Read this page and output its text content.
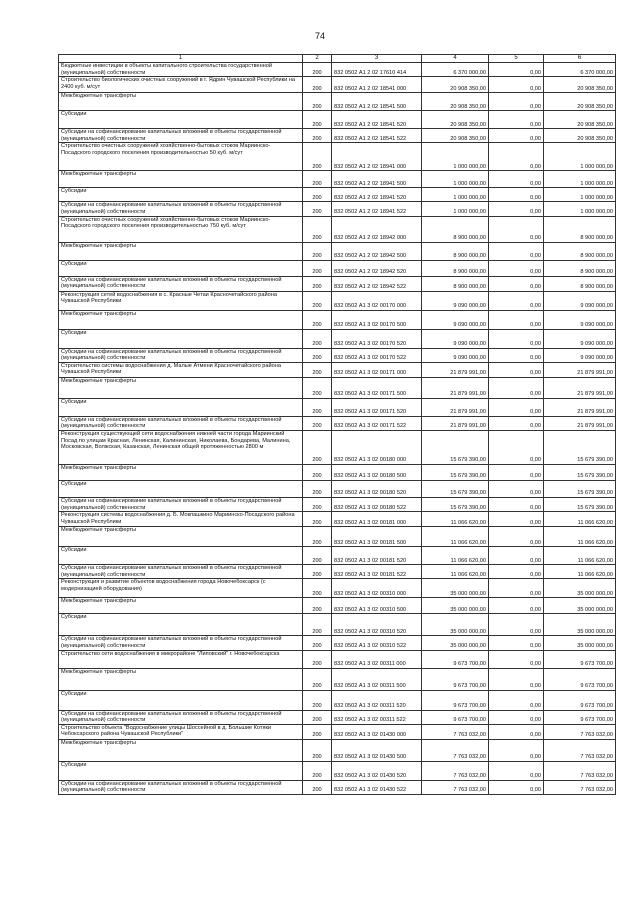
74
1	2	3	4	5	6
Бюджетные инвестиции в объекты капитального строительства государственной (муниципальной) собственности	200	832 0502 А1 2 02 17610 414	6 370 000,00	0,00	6 370 000,00
Строительство биологических очистных сооружений в г. Ядрин Чувашской Республики на 2400 куб. м/сут	200	832 0502 А1 2 02 18541 000	20 908 350,00	0,00	20 908 350,00
Межбюджетные трансферты	200	832 0502 А1 2 02 18541 500	20 908 350,00	0,00	20 908 350,00
Субсидии	200	832 0502 А1 2 02 18541 520	20 908 350,00	0,00	20 908 350,00
Субсидии на софинансирование капитальных вложений в объекты государственной (муниципальной) собственности	200	832 0502 А1 2 02 18541 522	20 908 350,00	0,00	20 908 350,00
Строительство очистных сооружений хозяйственно-бытовых стоков Мариинско-Посадского городского поселения производительностью 50 куб. м/сут	200	832 0502 А1 2 02 18941 000	1 000 000,00	0,00	1 000 000,00
Межбюджетные трансферты	200	832 0502 А1 2 02 18941 500	1 000 000,00	0,00	1 000 000,00
Субсидии	200	832 0502 А1 2 02 18941 520	1 000 000,00	0,00	1 000 000,00
Субсидии на софинансирование капитальных вложений в объекты государственной (муниципальной) собственности	200	832 0502 А1 2 02 18941 522	1 000 000,00	0,00	1 000 000,00
Строительство очистных сооружений хозяйственно-бытовых стоков Мариинско-Посадского городского поселения производительностью 750 куб. м/сут	200	832 0502 А1 2 02 18942 000	8 900 000,00	0,00	8 900 000,00
Межбюджетные трансферты	200	832 0502 А1 2 02 18942 500	8 900 000,00	0,00	8 900 000,00
Субсидии	200	832 0502 А1 2 02 18942 520	8 900 000,00	0,00	8 900 000,00
Субсидии на софинансирование капитальных вложений в объекты государственной (муниципальной) собственности	200	832 0502 А1 2 02 18942 522	8 900 000,00	0,00	8 900 000,00
Реконструкция сетей водоснабжения в с. Красные Четаи Красночетайского района Чувашской Республики	200	832 0502 А1 3 02 00170 000	9 090 000,00	0,00	9 090 000,00
Межбюджетные трансферты	200	832 0502 А1 3 02 00170 500	9 090 000,00	0,00	9 090 000,00
Субсидии	200	832 0502 А1 3 02 00170 520	9 090 000,00	0,00	9 090 000,00
Субсидии на софинансирование капитальных вложений в объекты государственной (муниципальной) собственности	200	832 0502 А1 3 02 00170 522	9 090 000,00	0,00	9 090 000,00
Строительство системы водоснабжения д. Малые Атмени Красночетайского района Чувашской Республики	200	832 0502 А1 3 02 00171 000	21 879 991,00	0,00	21 879 991,00
Межбюджетные трансферты	200	832 0502 А1 3 02 00171 500	21 879 991,00	0,00	21 879 991,00
Субсидии	200	832 0502 А1 3 02 00171 520	21 879 991,00	0,00	21 879 991,00
Субсидии на софинансирование капитальных вложений в объекты государственной (муниципальной) собственности	200	832 0502 А1 3 02 00171 522	21 879 991,00	0,00	21 879 991,00
Реконструкция существующей сети водоснабжения нижней части города Мариинский Посад по улицам Красная, Ленинская, Калининская, Николаева, Бондарева, Малинина, Московская, Волжская, Казанская, Ленинская общей протяженностью 2800 м	200	832 0502 А1 3 02 00180 000	15 679 390,00	0,00	15 679 390,00
Межбюджетные трансферты	200	832 0502 А1 3 02 00180 500	15 679 390,00	0,00	15 679 390,00
Субсидии	200	832 0502 А1 3 02 00180 520	15 679 390,00	0,00	15 679 390,00
Субсидии на софинансирование капитальных вложений в объекты государственной (муниципальной) собственности	200	832 0502 А1 3 02 00180 522	15 679 390,00	0,00	15 679 390,00
Реконструкция системы водоснабжения д. Б. Мокпашкино Мариинско-Посадского района Чувашской Республики	200	832 0502 А1 3 02 00181 000	11 066 620,00	0,00	11 066 620,00
Межбюджетные трансферты	200	832 0502 А1 3 02 00181 500	11 066 620,00	0,00	11 066 620,00
Субсидии	200	832 0502 А1 3 02 00181 520	11 066 620,00	0,00	11 066 620,00
Субсидии на софинансирование капитальных вложений в объекты государственной (муниципальной) собственности	200	832 0502 А1 3 02 00181 522	11 066 620,00	0,00	11 066 620,00
Реконструкция и развитие объектов водоснабжения города Новочебоксарск (с модернизацией оборудования)	200	832 0502 А1 3 02 00310 000	35 000 000,00	0,00	35 000 000,00
Межбюджетные трансферты	200	832 0502 А1 3 02 00310 500	35 000 000,00	0,00	35 000 000,00
Субсидии	200	832 0502 А1 3 02 00310 520	35 000 000,00	0,00	35 000 000,00
Субсидии на софинансирование капитальных вложений в объекты государственной (муниципальной) собственности	200	832 0502 А1 3 02 00310 522	35 000 000,00	0,00	35 000 000,00
Строительство сети водоснабжения в микрорайоне "Липовский" г. Новочебоксарска	200	832 0502 А1 3 02 00311 000	9 673 700,00	0,00	9 673 700,00
Межбюджетные трансферты	200	832 0502 А1 3 02 00311 500	9 673 700,00	0,00	9 673 700,00
Субсидии	200	832 0502 А1 3 02 00311 520	9 673 700,00	0,00	9 673 700,00
Субсидии на софинансирование капитальных вложений в объекты государственной (муниципальной) собственности	200	832 0502 А1 3 02 00311 522	9 673 700,00	0,00	9 673 700,00
Строительство объекта "Водоснабжение улицы Шоссейной в д. Большие Котяки Чебоксарского района Чувашской Республики"	200	832 0502 А1 3 02 01430 000	7 763 032,00	0,00	7 763 032,00
Межбюджетные трансферты	200	832 0502 А1 3 02 01430 500	7 763 032,00	0,00	7 763 032,00
Субсидии	200	832 0502 А1 3 02 01430 520	7 763 032,00	0,00	7 763 032,00
Субсидии на софинансирование капитальных вложений в объекты государственной (муниципальной) собственности	200	832 0502 А1 3 02 01430 522	7 763 032,00	0,00	7 763 032,00
